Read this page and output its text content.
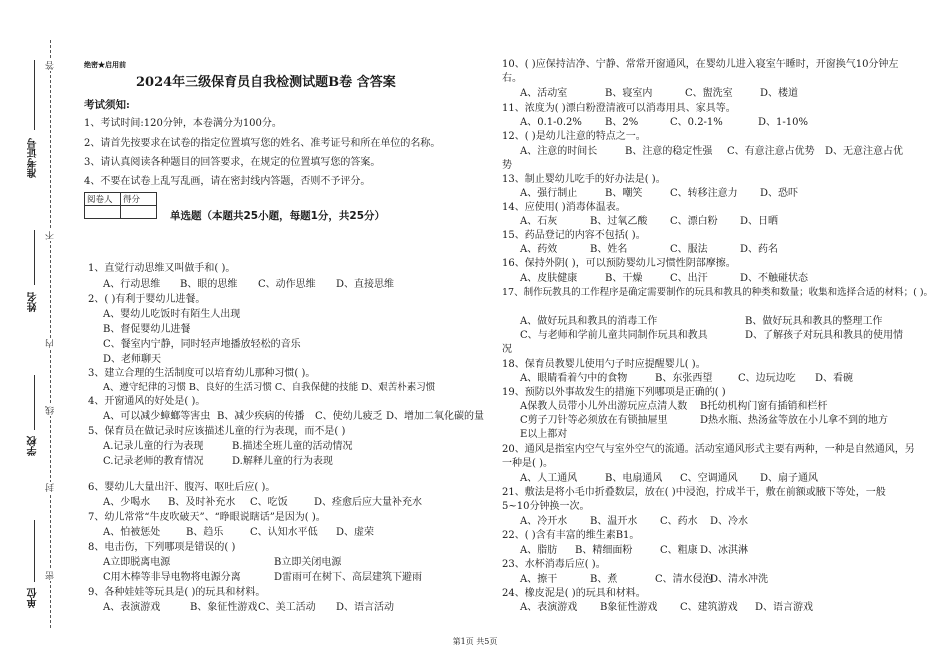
准考证号
姓名
学校
单位
答
不
内
线
封
密
绝密★启用前
2024年三级保育员自我检测试题B卷 含答案
考试须知:
1、考试时间:120分钟，本卷满分为100分。
2、请首先按要求在试卷的指定位置填写您的姓名、准考证号和所在单位的名称。
3、请认真阅读各种题目的回答要求，在规定的位置填写您的答案。
4、不要在试卷上乱写乱画，请在密封线内答题，否则不予评分。
单选题（本题共25小题，每题1分，共25分）
阅卷人	得分

1、直觉行动思维又叫做手和( )。
A、行动思维 B、眼的思维 C、动作思维 D、直接思维
2、( )有利于婴幼儿进餐。
A、婴幼儿吃饭时有陌生人出现
B、督促婴幼儿进餐
C、餐室内宁静，同时轻声地播放轻松的音乐
D、老师聊天
3、建立合理的生活制度可以培育幼儿那种习惯( )。
A、遵守纪律的习惯 B、良好的生活习惯 C、自我保健的技能 D、艰苦朴素习惯
4、开窗通风的好处是( )。
A、可以减少蟑螂等害虫 B、减少疾病的传播 C、使幼儿疲乏 D、增加二氧化碳的量
5、保育员在做记录时应该描述儿童的行为表现，而不是( )
A.记录儿童的行为表现	B.描述全班儿童的活动情况
C.记录老师的教育情况	D.解释儿童的行为表现
6、婴幼儿大量出汗、腹泻、呕吐后应( )。
A、少喝水 B、及时补充水 C、吃饭	D、痊愈后应大量补充水
7、幼儿常常“牛皮吹破天”、“睁眼说瞎话”是因为( )。
A、怕被惩处	B、趋乐	C、认知水平低 D、虚荣
8、电击伤，下列哪项是错误的( )
A立即脱离电源	B立即关闭电源
C用木棒等非导电物将电源分离	D雷雨可在树下、高层建筑下避雨
9、各种娃娃等玩具是( )的玩具和材料。
A、表演游戏	B、象征性游戏 C、美工活动 D、语言活动
10、( )应保持洁净、宁静、常常开窗通风，在婴幼儿进入寝室午睡时，开窗换气10分钟左
右。
A、活动室	B、寝室内	C、盥洗室	D、楼道
11、浓度为( )漂白粉澄清液可以消毒用具、家具等。
A、0.1-0.2% B、2%	C、0.2-1%	D、1-10%
12、( )是幼儿注意的特点之一。
A、注意的时间长	B、注意的稳定性强 C、有意注意占优势 D、无意注意占优
势
13、制止婴幼儿吃手的好办法是( )。
A、强行制止	B、嘲笑	C、转移注意力 D、恐吓
14、应使用( )消毒体温表。
A、石灰	B、过氧乙酸 C、漂白粉 D、日晒
15、药品登记的内容不包括( )。
A、药效	B、姓名	C、服法	D、药名
16、保持外阴( )，可以预防婴幼儿习惯性阴部摩擦。
A、皮肤健康	B、干燥	C、出汗	D、不触碰状态
17、制作玩教具的工作程序是确定需要制作的玩具和教具的种类和数量；收集和选择合适的材料；( )。
A、做好玩具和教具的消毒工作	B、做好玩具和教具的整理工作
C、与老师和学前儿童共同制作玩具和教具	D、了解孩子对玩具和教具的使用情
况
18、保育员教婴儿使用勺子时应提醒婴儿( )。
A、眼睛看着勺中的食物	B、东张西望	C、边玩边吃 D、看碗
19、预防以外事故发生的措施下列哪项是正确的( )
A保教人员带小儿外出游玩应点清人数 B托幼机构门窗有插销和栏杆
C剪子刀针等必须放在有锁抽屉里	D热水瓶、热汤盆等放在小儿拿不到的地方
E以上都对
20、通风是指室内空气与室外空气的流通。活动室通风形式主要有两种，一种是自然通风，另
一种是( )。
A、人工通风	B、电扇通风 C、空调通风 D、扇子通风
21、敷法是将小毛巾折叠数层，放在( )中浸泡，拧成半干，敷在前额或腋下等处，一般
5~10分钟换一次。
A、冷开水 B、温开水 C、药水 D、冷水
22、( )含有丰富的维生素B1。
A、脂肪 B、精细面粉	C、粗康 D、冰淇淋
23、水杯消毒后应( )。
A、擦干	B、煮	C、清水侵泡
D、清水冲洗
24、橡皮泥是( )的玩具和材料。
A、表演游戏 B象征性游戏 C、建筑游戏 D、语言游戏
第1页 共5页
